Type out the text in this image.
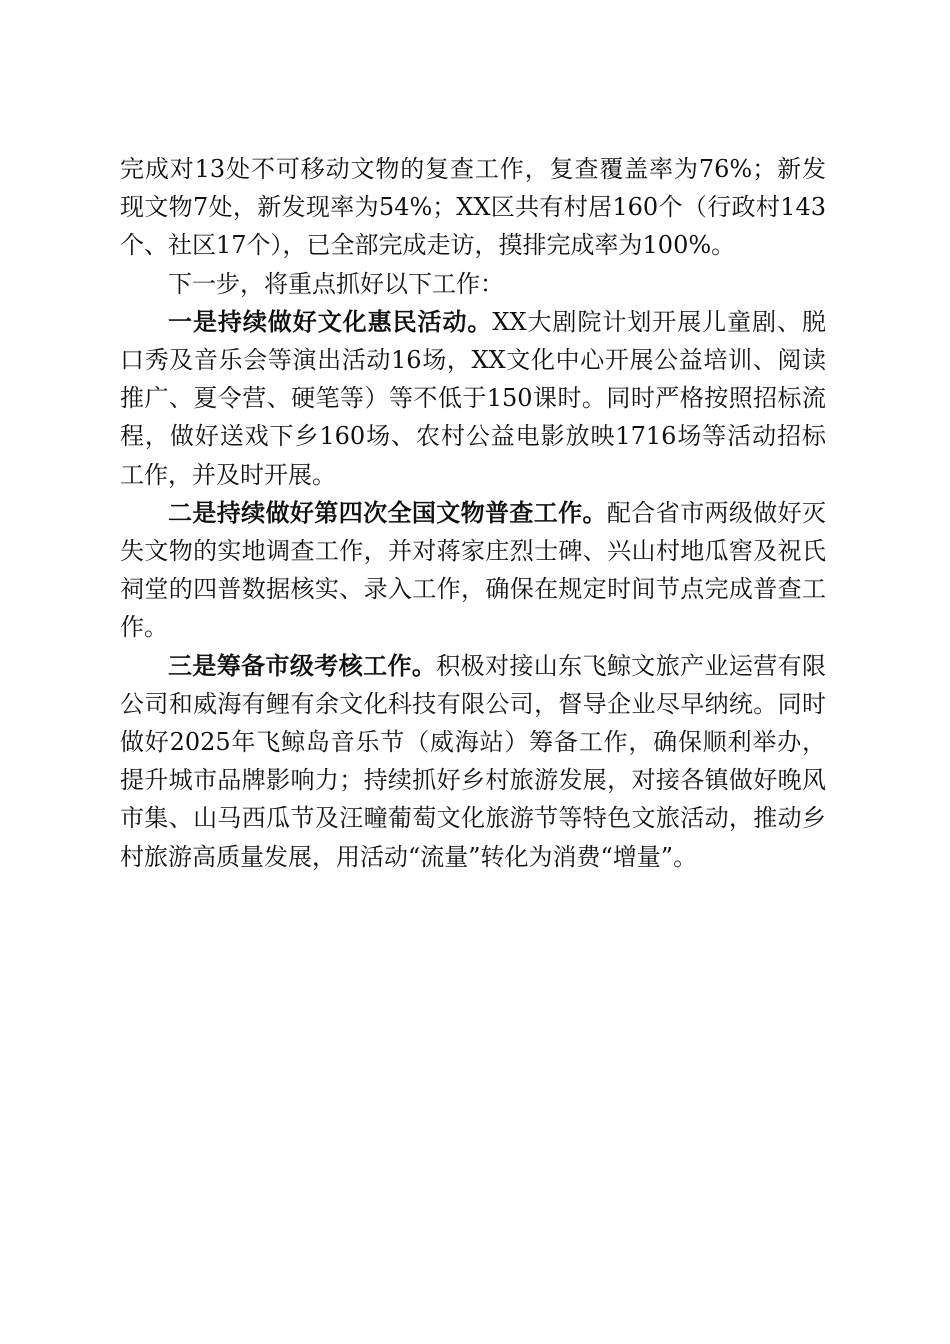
完成对13处不可移动文物的复查工作，复查覆盖率为76%；新发现文物7处，新发现率为54%；XX区共有村居160个（行政村143个、社区17个），已全部完成走访，摸排完成率为100%。

下一步，将重点抓好以下工作：

一是持续做好文化惠民活动。XX大剧院计划开展儿童剧、脱口秀及音乐会等演出活动16场，XX文化中心开展公益培训、阅读推广、夏令营、硬笔等）等不低于150课时。同时严格按照招标流程，做好送戏下乡160场、农村公益电影放映1716场等活动招标工作，并及时开展。

二是持续做好第四次全国文物普查工作。配合省市两级做好灭失文物的实地调查工作，并对蒋家庄烈士碑、兴山村地瓜窖及祝氏祠堂的四普数据核实、录入工作，确保在规定时间节点完成普查工作。

三是筹备市级考核工作。积极对接山东飞鲸文旅产业运营有限公司和威海有鲤有余文化科技有限公司，督导企业尽早纳统。同时做好2025年飞鲸岛音乐节（威海站）筹备工作，确保顺利举办，提升城市品牌影响力；持续抓好乡村旅游发展，对接各镇做好晚风市集、山马西瓜节及汪疃葡萄文化旅游节等特色文旅活动，推动乡村旅游高质量发展，用活动“流量”转化为消费“增量”。
